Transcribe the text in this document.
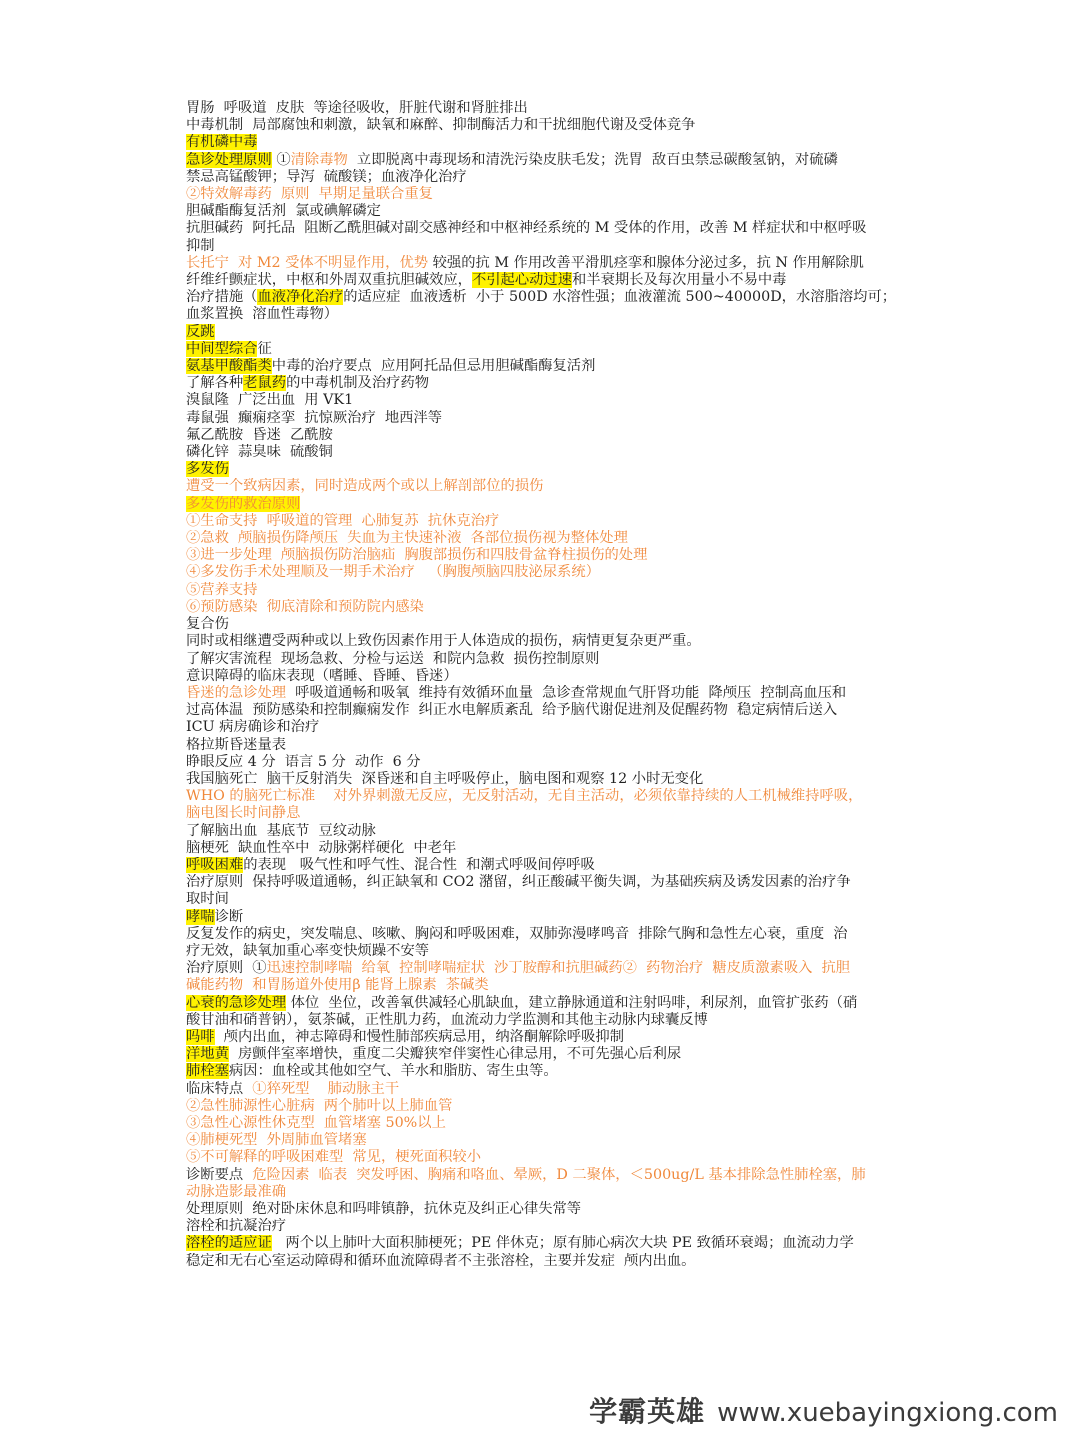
胃肠  呼吸道  皮肤  等途径吸收，肝脏代谢和肾脏排出
中毒机制  局部腐蚀和刺激，缺氧和麻醉、抑制酶活力和干扰细胞代谢及受体竞争
有机磷中毒
急诊处理原则 ①清除毒物  立即脱离中毒现场和清洗污染皮肤毛发；洗胃  敌百虫禁忌碳酸氢钠，对硫磷
禁忌高锰酸钾；导泻  硫酸镁；血液净化治疗
②特效解毒药  原则  早期足量联合重复
胆碱酯酶复活剂  氯或碘解磷定
抗胆碱药  阿托品  阻断乙酰胆碱对副交感神经和中枢神经系统的 M 受体的作用，改善 M 样症状和中枢呼吸
抑制
长托宁  对 M2 受体不明显作用，优势 较强的抗 M 作用改善平滑肌痉挛和腺体分泌过多，抗 N 作用解除肌
纤维纤颤症状，中枢和外周双重抗胆碱效应，不引起心动过速和半衰期长及每次用量小不易中毒
治疗措施（血液净化治疗的适应症  血液透析  小于 500D 水溶性强；血液灌流 500~40000D，水溶脂溶均可；
血浆置换  溶血性毒物）
反跳
中间型综合征
氨基甲酸酯类中毒的治疗要点  应用阿托品但忌用胆碱酯酶复活剂
了解各种老鼠药的中毒机制及治疗药物
溴鼠隆  广泛出血  用 VK1
毒鼠强  癫痫痉挛  抗惊厥治疗  地西泮等
氟乙酰胺  昏迷  乙酰胺
磷化锌  蒜臭味  硫酸铜
多发伤
遭受一个致病因素，同时造成两个或以上解剖部位的损伤
多发伤的救治原则
①生命支持  呼吸道的管理  心肺复苏  抗休克治疗
②急救  颅脑损伤降颅压  失血为主快速补液  各部位损伤视为整体处理
③进一步处理  颅脑损伤防治脑疝  胸腹部损伤和四肢骨盆脊柱损伤的处理
④多发伤手术处理顺及一期手术治疗   （胸腹颅脑四肢泌尿系统）
⑤营养支持
⑥预防感染  彻底清除和预防院内感染
复合伤
同时或相继遭受两种或以上致伤因素作用于人体造成的损伤，病情更复杂更严重。
了解灾害流程  现场急救、分检与运送  和院内急救  损伤控制原则
意识障碍的临床表现（嗜睡、昏睡、昏迷）
昏迷的急诊处理  呼吸道通畅和吸氧  维持有效循环血量  急诊查常规血气肝肾功能  降颅压  控制高血压和
过高体温  预防感染和控制癫痫发作  纠正水电解质紊乱  给予脑代谢促进剂及促醒药物  稳定病情后送入
ICU 病房确诊和治疗
格拉斯昏迷量表
睁眼反应 4 分  语言 5 分  动作  6 分
我国脑死亡  脑干反射消失  深昏迷和自主呼吸停止，脑电图和观察 12 小时无变化
WHO 的脑死亡标准    对外界刺激无反应，无反射活动，无自主活动，必须依靠持续的人工机械维持呼吸，
脑电图长时间静息
了解脑出血  基底节  豆纹动脉
脑梗死  缺血性卒中  动脉粥样硬化  中老年
呼吸困难的表现   吸气性和呼气性、混合性  和潮式呼吸间停呼吸
治疗原则  保持呼吸道通畅，纠正缺氧和 CO2 潴留，纠正酸碱平衡失调，为基础疾病及诱发因素的治疗争
取时间
哮喘诊断
反复发作的病史，突发喘息、咳嗽、胸闷和呼吸困难，双肺弥漫哮鸣音  排除气胸和急性左心衰，重度  治
疗无效，缺氧加重心率变快烦躁不安等
治疗原则  ①迅速控制哮喘  给氧  控制哮喘症状  沙丁胺醇和抗胆碱药②  药物治疗  糖皮质激素吸入  抗胆
碱能药物  和胃肠道外使用β 能肾上腺素  茶碱类
心衰的急诊处理 体位  坐位，改善氧供减轻心肌缺血，建立静脉通道和注射吗啡，利尿剂，血管扩张药（硝
酸甘油和硝普钠），氨茶碱，正性肌力药，血流动力学监测和其他主动脉内球囊反博
吗啡  颅内出血，神志障碍和慢性肺部疾病忌用，纳洛酮解除呼吸抑制
洋地黄  房颤伴室率增快，重度二尖瓣狭窄伴窦性心律忌用，不可先强心后利尿
肺栓塞病因：血栓或其他如空气、羊水和脂肪、寄生虫等。
临床特点  ①猝死型    肺动脉主干
②急性肺源性心脏病  两个肺叶以上肺血管
③急性心源性休克型  血管堵塞 50%以上
④肺梗死型  外周肺血管堵塞
⑤不可解释的呼吸困难型  常见，梗死面积较小
诊断要点  危险因素  临表  突发呼困、胸痛和咯血、晕厥，D 二聚体，＜500ug/L 基本排除急性肺栓塞，肺
动脉造影最准确
处理原则  绝对卧床休息和吗啡镇静，抗休克及纠正心律失常等
溶栓和抗凝治疗
溶栓的适应证   两个以上肺叶大面积肺梗死；PE 伴休克；原有肺心病次大块 PE 致循环衰竭；血流动力学
稳定和无右心室运动障碍和循环血流障碍者不主张溶栓，主要并发症  颅内出血。
学霸英雄 www.xuebayingxiong.com
